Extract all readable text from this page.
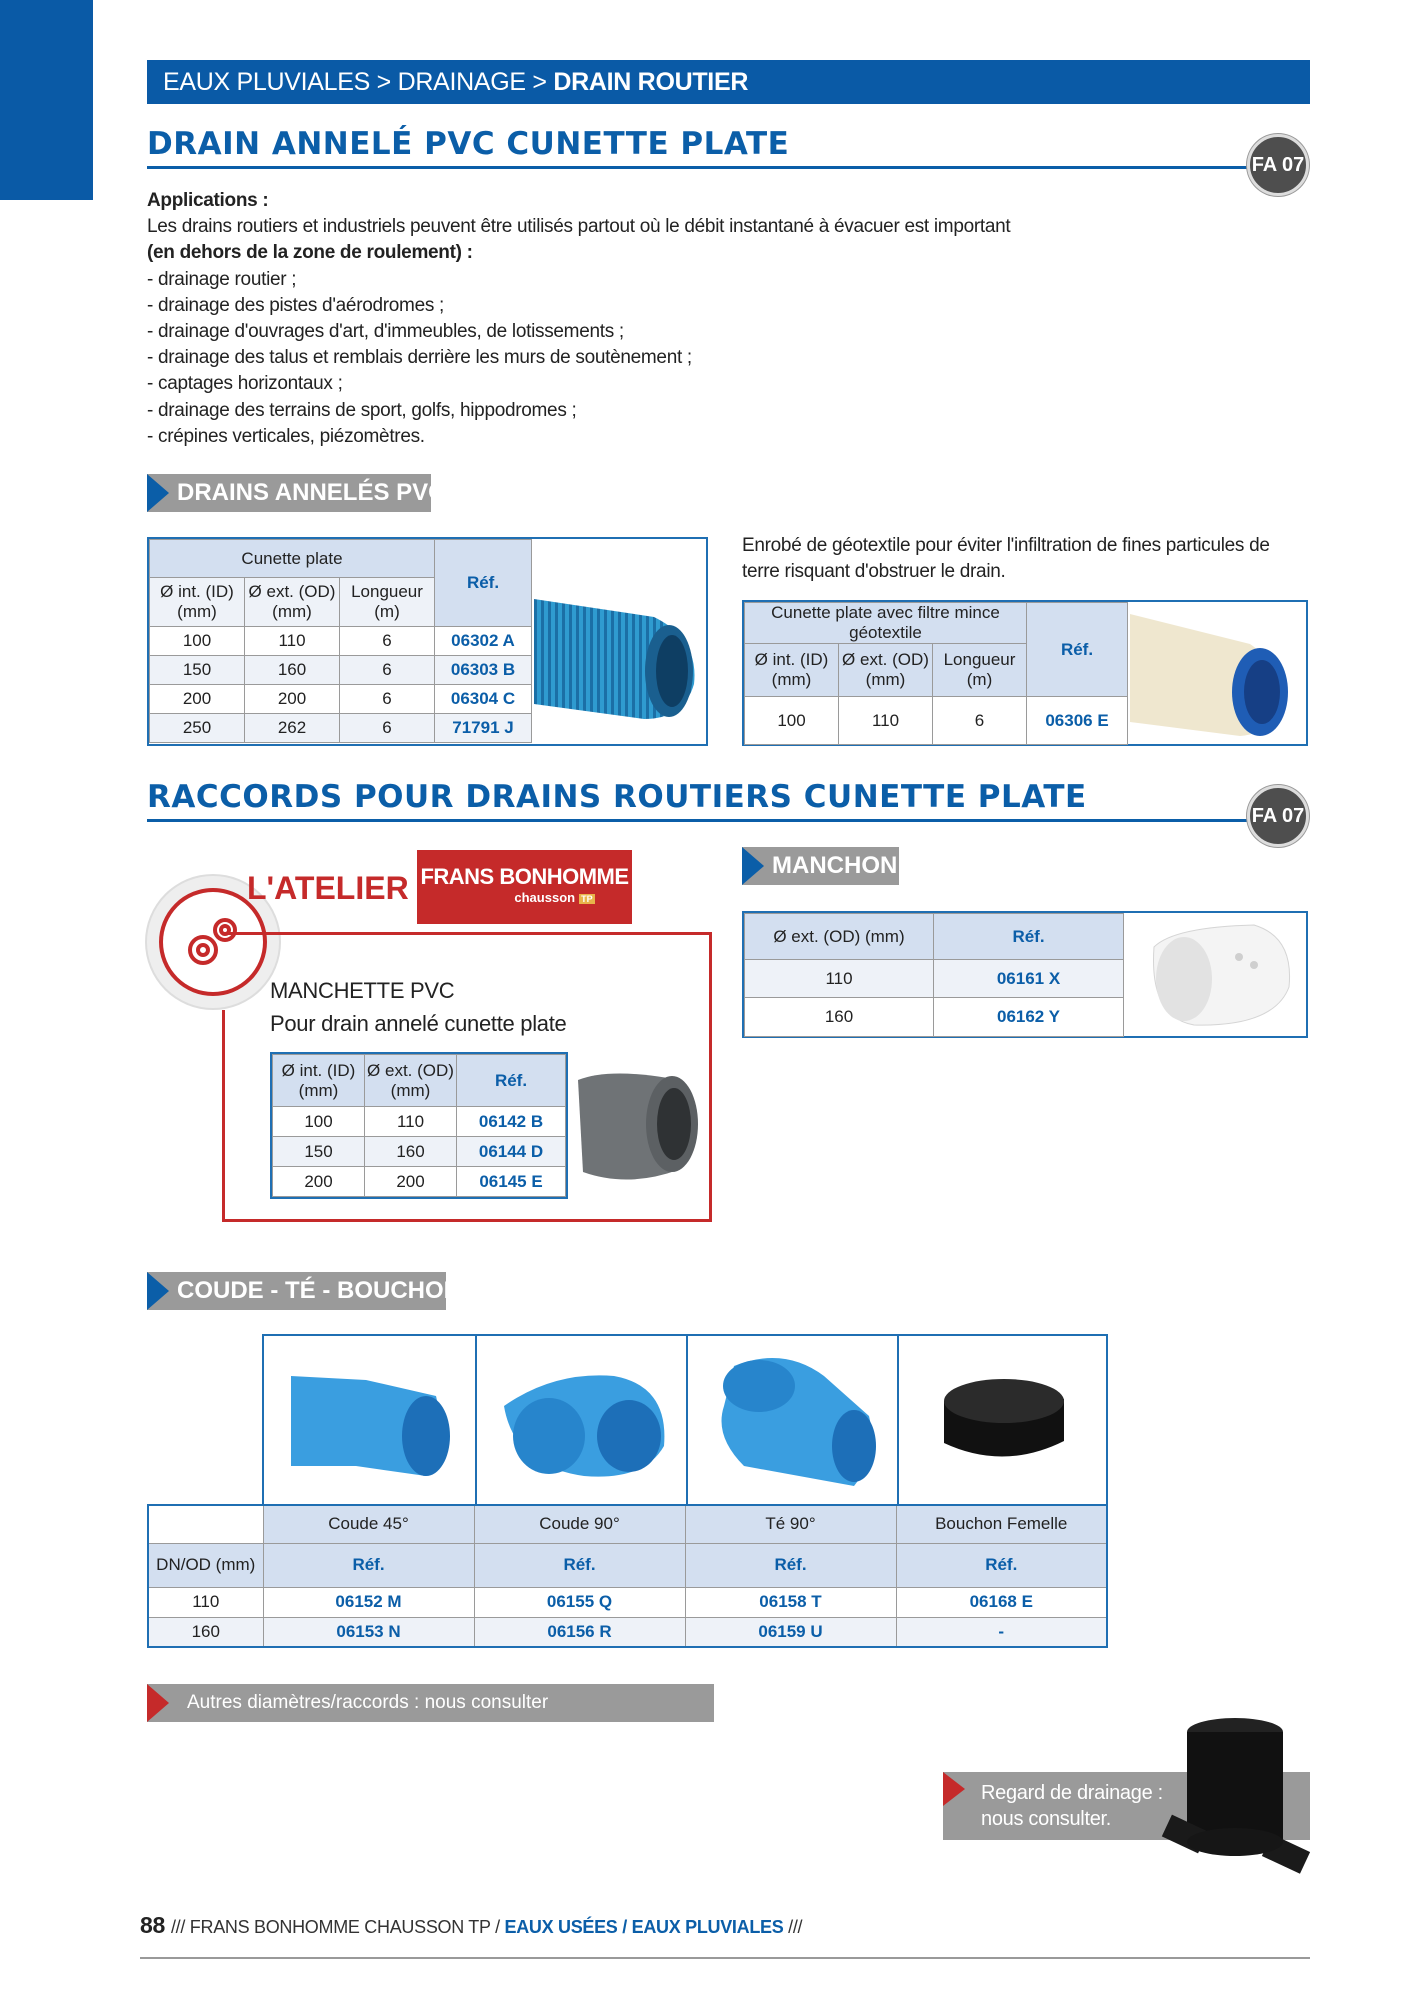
EAUX PLUVIALES > DRAINAGE > DRAIN ROUTIER
DRAIN ANNELÉ PVC CUNETTE PLATE
FA 07
Applications :
Les drains routiers et industriels peuvent être utilisés partout où le débit instantané à évacuer est important
(en dehors de la zone de roulement) :
- drainage routier ;
- drainage des pistes d'aérodromes ;
- drainage d'ouvrages d'art, d'immeubles, de lotissements ;
- drainage des talus et remblais derrière les murs de soutènement ;
- captages horizontaux ;
- drainage des terrains de sport, golfs, hippodromes ;
- crépines verticales, piézomètres.
DRAINS ANNELÉS PVC
Cunette plate			Réf.
Ø int. (ID) (mm)	Ø ext. (OD) (mm)	Longueur (m)	
100	110	6	06302 A
150	160	6	06303 B
200	200	6	06304 C
250	262	6	71791 J
Enrobé de géotextile pour éviter l'infiltration de fines particules de terre risquant d'obstruer le drain.
Cunette plate avec filtre mince géotextile			Réf.
Ø int. (ID) (mm)	Ø ext. (OD) (mm)	Longueur (m)	
100	110	6	06306 E
RACCORDS POUR DRAINS ROUTIERS CUNETTE PLATE
FA 07
L'ATELIER FRANS BONHOMME
chausson TP
MANCHETTE PVC
Pour drain annelé cunette plate
Ø int. (ID) (mm)	Ø ext. (OD) (mm)	Réf.
100	110	06142 B
150	160	06144 D
200	200	06145 E
MANCHON
Ø ext. (OD) (mm)	Réf.
110	06161 X
160	06162 Y
COUDE - TÉ - BOUCHON
	Coude 45°	Coude 90°	Té 90°	Bouchon Femelle
DN/OD (mm)	Réf.	Réf.	Réf.	Réf.
110	06152 M	06155 Q	06158 T	06168 E
160	06153 N	06156 R	06159 U	-
Autres diamètres/raccords : nous consulter
Regard de drainage :
nous consulter.
88 /// FRANS BONHOMME CHAUSSON TP / EAUX USÉES / EAUX PLUVIALES ///
